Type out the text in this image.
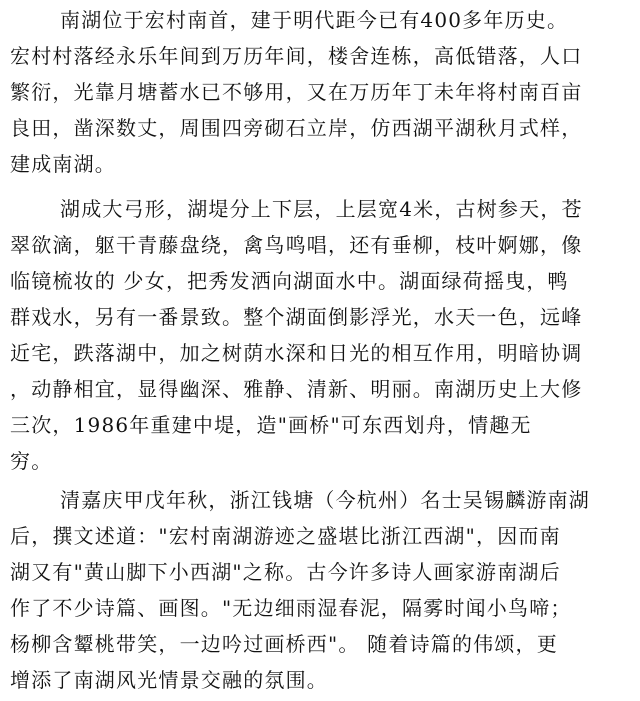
南湖位于宏村南首，建于明代距今已有400多年历史。
宏村村落经永乐年间到万历年间，楼舍连栋，高低错落，人口
繁衍，光靠月塘蓄水已不够用，又在万历年丁未年将村南百亩
良田，凿深数丈，周围四旁砌石立岸，仿西湖平湖秋月式样，
建成南湖。
湖成大弓形，湖堤分上下层，上层宽4米，古树参天，苍
翠欲滴，躯干青藤盘绕，禽鸟鸣唱，还有垂柳，枝叶婀娜，像
临镜梳妆的 少女，把秀发洒向湖面水中。湖面绿荷摇曳，鸭
群戏水，另有一番景致。整个湖面倒影浮光，水天一色，远峰
近宅，跌落湖中，加之树荫水深和日光的相互作用，明暗协调
，动静相宜，显得幽深、雅静、清新、明丽。南湖历史上大修
三次，1986年重建中堤，造"画桥"可东西划舟，情趣无
穷。
清嘉庆甲戊年秋，浙江钱塘（今杭州）名士吴锡麟游南湖
后，撰文述道："宏村南湖游迹之盛堪比浙江西湖"，因而南
湖又有"黄山脚下小西湖"之称。古今许多诗人画家游南湖后
作了不少诗篇、画图。"无边细雨湿春泥，隔雾时闻小鸟啼；
杨柳含颦桃带笑，一边吟过画桥西"。 随着诗篇的伟颂，更
增添了南湖风光情景交融的氛围。
